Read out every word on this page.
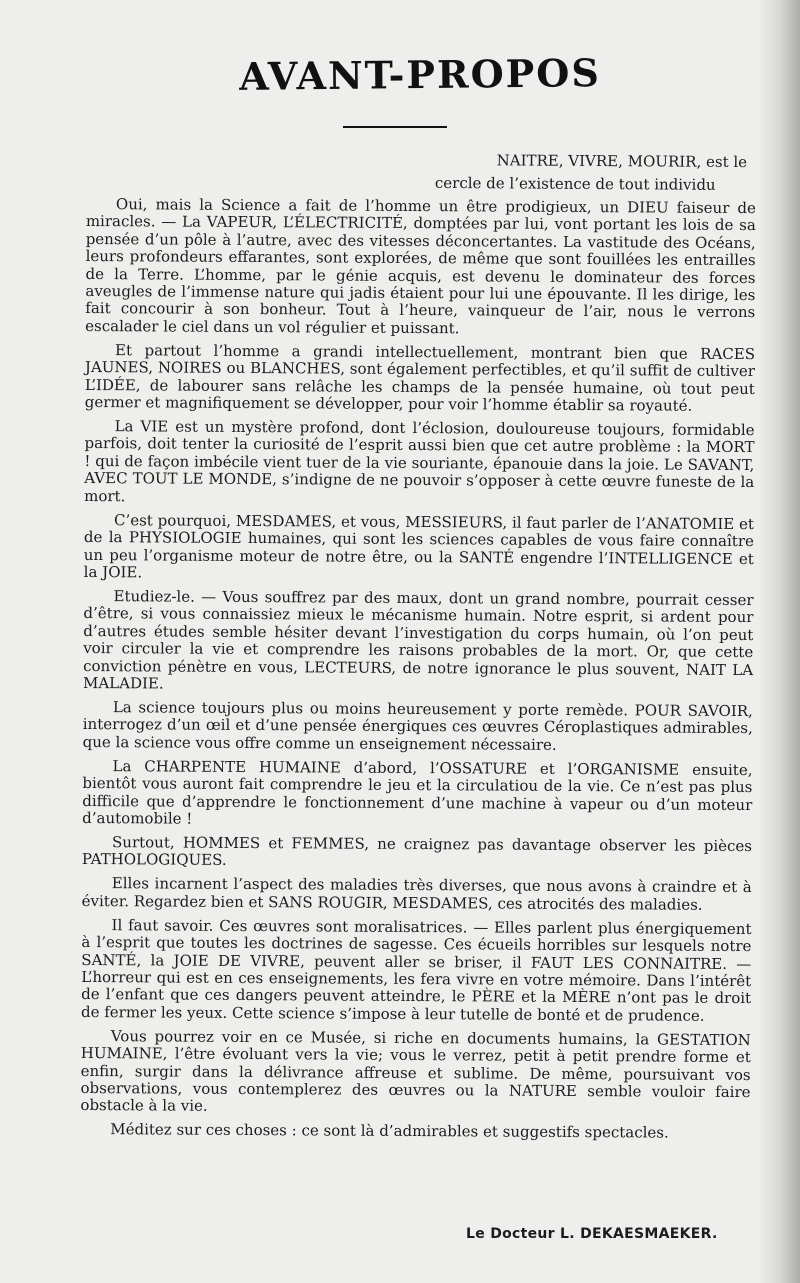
AVANT-PROPOS
NAITRE, VIVRE, MOURIR, est le
cercle de l’existence de tout individu

Oui, mais la Science a fait de l’homme un être prodigieux, un DIEU faiseur de miracles. — La VAPEUR, L’ÉLECTRICITÉ, domptées par lui, vont portant les lois de sa pensée d’un pôle à l’autre, avec des vitesses déconcertantes. La vastitude des Océans, leurs profondeurs effarantes, sont explorées, de même que sont fouillées les entrailles de la Terre. L’homme, par le génie acquis, est devenu le dominateur des forces aveugles de l’immense nature qui jadis étaient pour lui une épouvante. Il les dirige, les fait concourir à son bonheur. Tout à l’heure, vainqueur de l’air, nous le verrons escalader le ciel dans un vol régulier et puissant.

Et partout l’homme a grandi intellectuellement, montrant bien que RACES JAUNES, NOIRES ou BLANCHES, sont également perfectibles, et qu’il suffit de cultiver L’IDÉE, de labourer sans relâche les champs de la pensée humaine, où tout peut germer et magnifiquement se développer, pour voir l’homme établir sa royauté.

La VIE est un mystère profond, dont l’éclosion, douloureuse toujours, formidable parfois, doit tenter la curiosité de l’esprit aussi bien que cet autre problème : la MORT ! qui de façon imbécile vient tuer de la vie souriante, épanouie dans la joie. Le SAVANT, AVEC TOUT LE MONDE, s’indigne de ne pouvoir s’opposer à cette œuvre funeste de la mort.

C’est pourquoi, MESDAMES, et vous, MESSIEURS, il faut parler de l’ANATOMIE et de la PHYSIOLOGIE humaines, qui sont les sciences capables de vous faire connaître un peu l’organisme moteur de notre être, ou la SANTÉ engendre l’INTELLIGENCE et la JOIE.

Etudiez-le. — Vous souffrez par des maux, dont un grand nombre, pourrait cesser d’être, si vous connaissiez mieux le mécanisme humain. Notre esprit, si ardent pour d’autres études semble hésiter devant l’investigation du corps humain, où l’on peut voir circuler la vie et comprendre les raisons probables de la mort. Or, que cette conviction pénètre en vous, LECTEURS, de notre ignorance le plus souvent, NAIT LA MALADIE.

La science toujours plus ou moins heureusement y porte remède. POUR SAVOIR, interrogez d’un œil et d’une pensée énergiques ces œuvres Céroplastiques admirables, que la science vous offre comme un enseignement nécessaire.

La CHARPENTE HUMAINE d’abord, l’OSSATURE et l’ORGANISME ensuite, bientôt vous auront fait comprendre le jeu et la circulatiou de la vie. Ce n’est pas plus difficile que d’apprendre le fonctionnement d’une machine à vapeur ou d’un moteur d’automobile !

Surtout, HOMMES et FEMMES, ne craignez pas davantage observer les pièces PATHOLOGIQUES.

Elles incarnent l’aspect des maladies très diverses, que nous avons à craindre et à éviter. Regardez bien et SANS ROUGIR, MESDAMES, ces atrocités des maladies.

Il faut savoir. Ces œuvres sont moralisatrices. — Elles parlent plus énergiquement à l’esprit que toutes les doctrines de sagesse. Ces écueils horribles sur lesquels notre SANTÉ, la JOIE DE VIVRE, peuvent aller se briser, il FAUT LES CONNAITRE. — L’horreur qui est en ces enseignements, les fera vivre en votre mémoire. Dans l’intérêt de l’enfant que ces dangers peuvent atteindre, le PÈRE et la MÈRE n’ont pas le droit de fermer les yeux. Cette science s’impose à leur tutelle de bonté et de prudence.

Vous pourrez voir en ce Musée, si riche en documents humains, la GESTATION HUMAINE, l’être évoluant vers la vie; vous le verrez, petit à petit prendre forme et enfin, surgir dans la délivrance affreuse et sublime. De même, poursuivant vos observations, vous contemplerez des œuvres ou la NATURE semble vouloir faire obstacle à la vie.

Méditez sur ces choses : ce sont là d’admirables et suggestifs spectacles.

Le Docteur L. DEKAESMAEKER.
